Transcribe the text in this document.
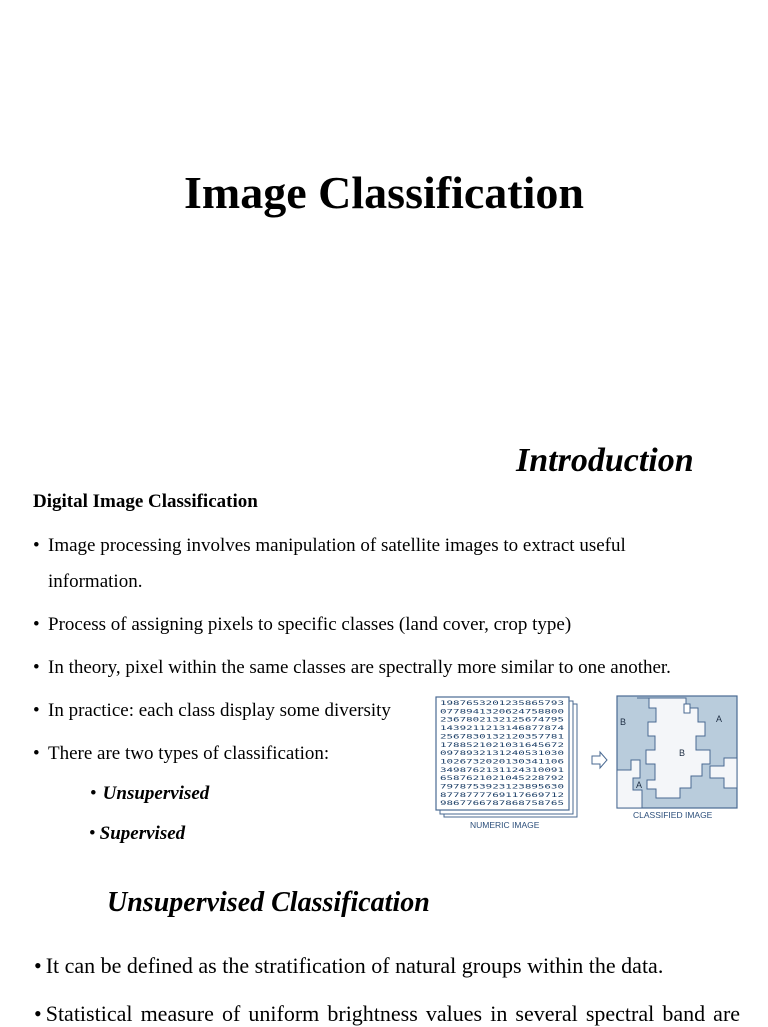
Image Classification
Introduction
Digital Image Classification
• Image processing involves manipulation of satellite images to extract useful
information.
• Process of assigning pixels to specific classes (land cover, crop type)
• In theory, pixel within the same classes are spectrally more similar to one another.
• In practice: each class display some diversity
• There are two types of classification:
• Unsupervised
• Supervised
1987653201235865793
0778941320624758800
2367802132125674795
1439211213146877874
2567830132120357781
1788521021031645672
0978932131240531030
1026732020130341106
3498762131124310091
6587621021045228792
7978753923123895630
8778777769117669712
9867766787868758765
NUMERIC IMAGE
B	A
B
A
CLASSIFIED IMAGE
Unsupervised Classification
• It can be defined as the stratification of natural groups within the data.
• Statistical measure of uniform brightness values in several spectral band are
